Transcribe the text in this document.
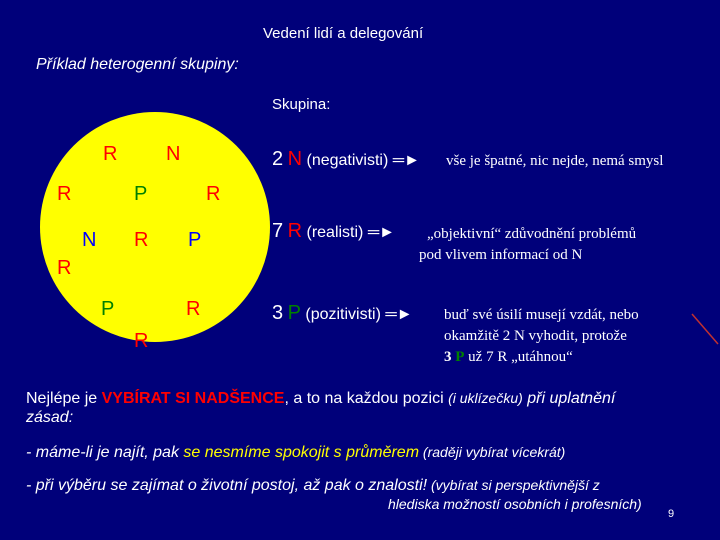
Vedení lidí a delegování
Příklad heterogenní skupiny:
Skupina:
R N
R	P	R
N R P
R
P	R
R
2 N (negativisti) ═► vše je špatné, nic nejde, nemá smysl
7 R (realisti) ═► „objektivní“ zdůvodnění problémů
pod vlivem informací od N
3 P (pozitivisti) ═► buď své úsilí musejí vzdát, nebo
okamžitě 2 N vyhodit, protože
3 P už 7 R „utáhnou“
Nejlépe je VYBÍRAT SI NADŠENCE, a to na každou pozici (i uklízečku) při uplatnění
zásad:
- máme-li je najít, pak se nesmíme spokojit s průměrem (raději vybírat vícekrát)
- při výběru se zajímat o životní postoj, až pak o znalosti! (vybírat si perspektivnější z
hlediska možností osobních i profesních)
9
